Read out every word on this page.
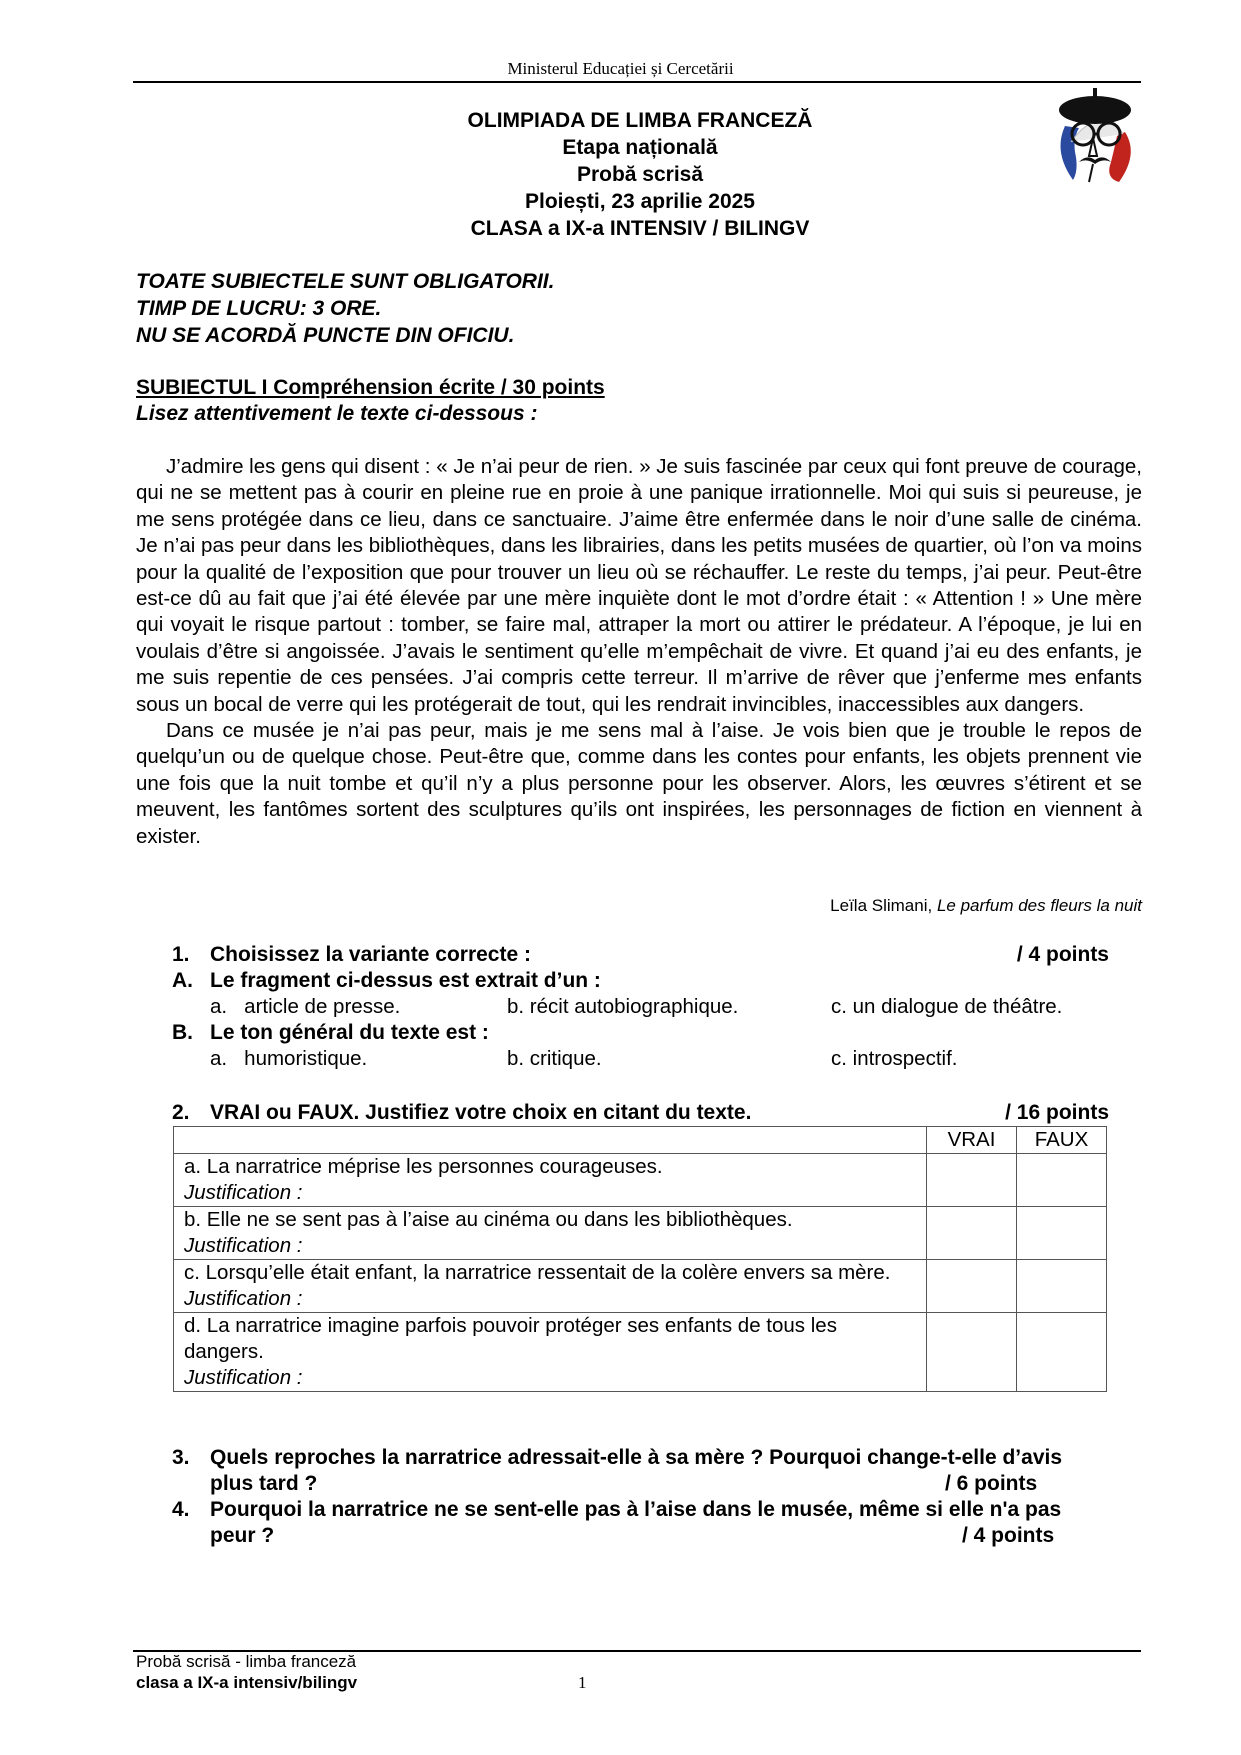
Ministerul Educației și Cercetării
OLIMPIADA DE LIMBA FRANCEZĂ
Etapa națională
Probă scrisă
Ploiești, 23 aprilie 2025
CLASA a IX-a INTENSIV / BILINGV
TOATE SUBIECTELE SUNT OBLIGATORII.
TIMP DE LUCRU: 3 ORE.
NU SE ACORDĂ PUNCTE DIN OFICIU.
SUBIECTUL I Compréhension écrite / 30 points
Lisez attentivement le texte ci-dessous :

J’admire les gens qui disent : « Je n’ai peur de rien. » Je suis fascinée par ceux qui font preuve de courage, qui ne se mettent pas à courir en pleine rue en proie à une panique irrationnelle. Moi qui suis si peureuse, je me sens protégée dans ce lieu, dans ce sanctuaire. J’aime être enfermée dans le noir d’une salle de cinéma. Je n’ai pas peur dans les bibliothèques, dans les librairies, dans les petits musées de quartier, où l’on va moins pour la qualité de l’exposition que pour trouver un lieu où se réchauffer. Le reste du temps, j’ai peur. Peut-être est-ce dû au fait que j’ai été élevée par une mère inquiète dont le mot d’ordre était : « Attention ! » Une mère qui voyait le risque partout : tomber, se faire mal, attraper la mort ou attirer le prédateur. A l’époque, je lui en voulais d’être si angoissée. J’avais le sentiment qu’elle m’empêchait de vivre. Et quand j’ai eu des enfants, je me suis repentie de ces pensées. J’ai compris cette terreur. Il m’arrive de rêver que j’enferme mes enfants sous un bocal de verre qui les protégerait de tout, qui les rendrait invincibles, inaccessibles aux dangers.

Dans ce musée je n’ai pas peur, mais je me sens mal à l’aise. Je vois bien que je trouble le repos de quelqu’un ou de quelque chose. Peut-être que, comme dans les contes pour enfants, les objets prennent vie une fois que la nuit tombe et qu’il n’y a plus personne pour les observer. Alors, les œuvres s’étirent et se meuvent, les fantômes sortent des sculptures qu’ils ont inspirées, les personnages de fiction en viennent à exister.

Leïla Slimani, Le parfum des fleurs la nuit
1. Choisissez la variante correcte :	/ 4 points
A. Le fragment ci-dessus est extrait d’un :
a.   article de presse.	b. récit autobiographique.	c. un dialogue de théâtre.
B. Le ton général du texte est :
a.   humoristique.	b. critique.	c. introspectif.
2. VRAI ou FAUX. Justifiez votre choix en citant du texte.	/ 16 points
	VRAI	FAUX

a. La narratrice méprise les personnes courageuses.
Justification :		

b. Elle ne se sent pas à l’aise au cinéma ou dans les bibliothèques.
Justification :		

c. Lorsqu’elle était enfant, la narratrice ressentait de la colère envers sa mère.
Justification :		

d. La narratrice imagine parfois pouvoir protéger ses enfants de tous les dangers.
Justification :		

3. Quels reproches la narratrice adressait-elle à sa mère ? Pourquoi change-t-elle d’avis
plus tard ?	/ 6 points
4. Pourquoi la narratrice ne se sent-elle pas à l’aise dans le musée, même si elle n'a pas
peur ?	/ 4 points
Probă scrisă - limba franceză
clasa a IX-a intensiv/bilingv	1
